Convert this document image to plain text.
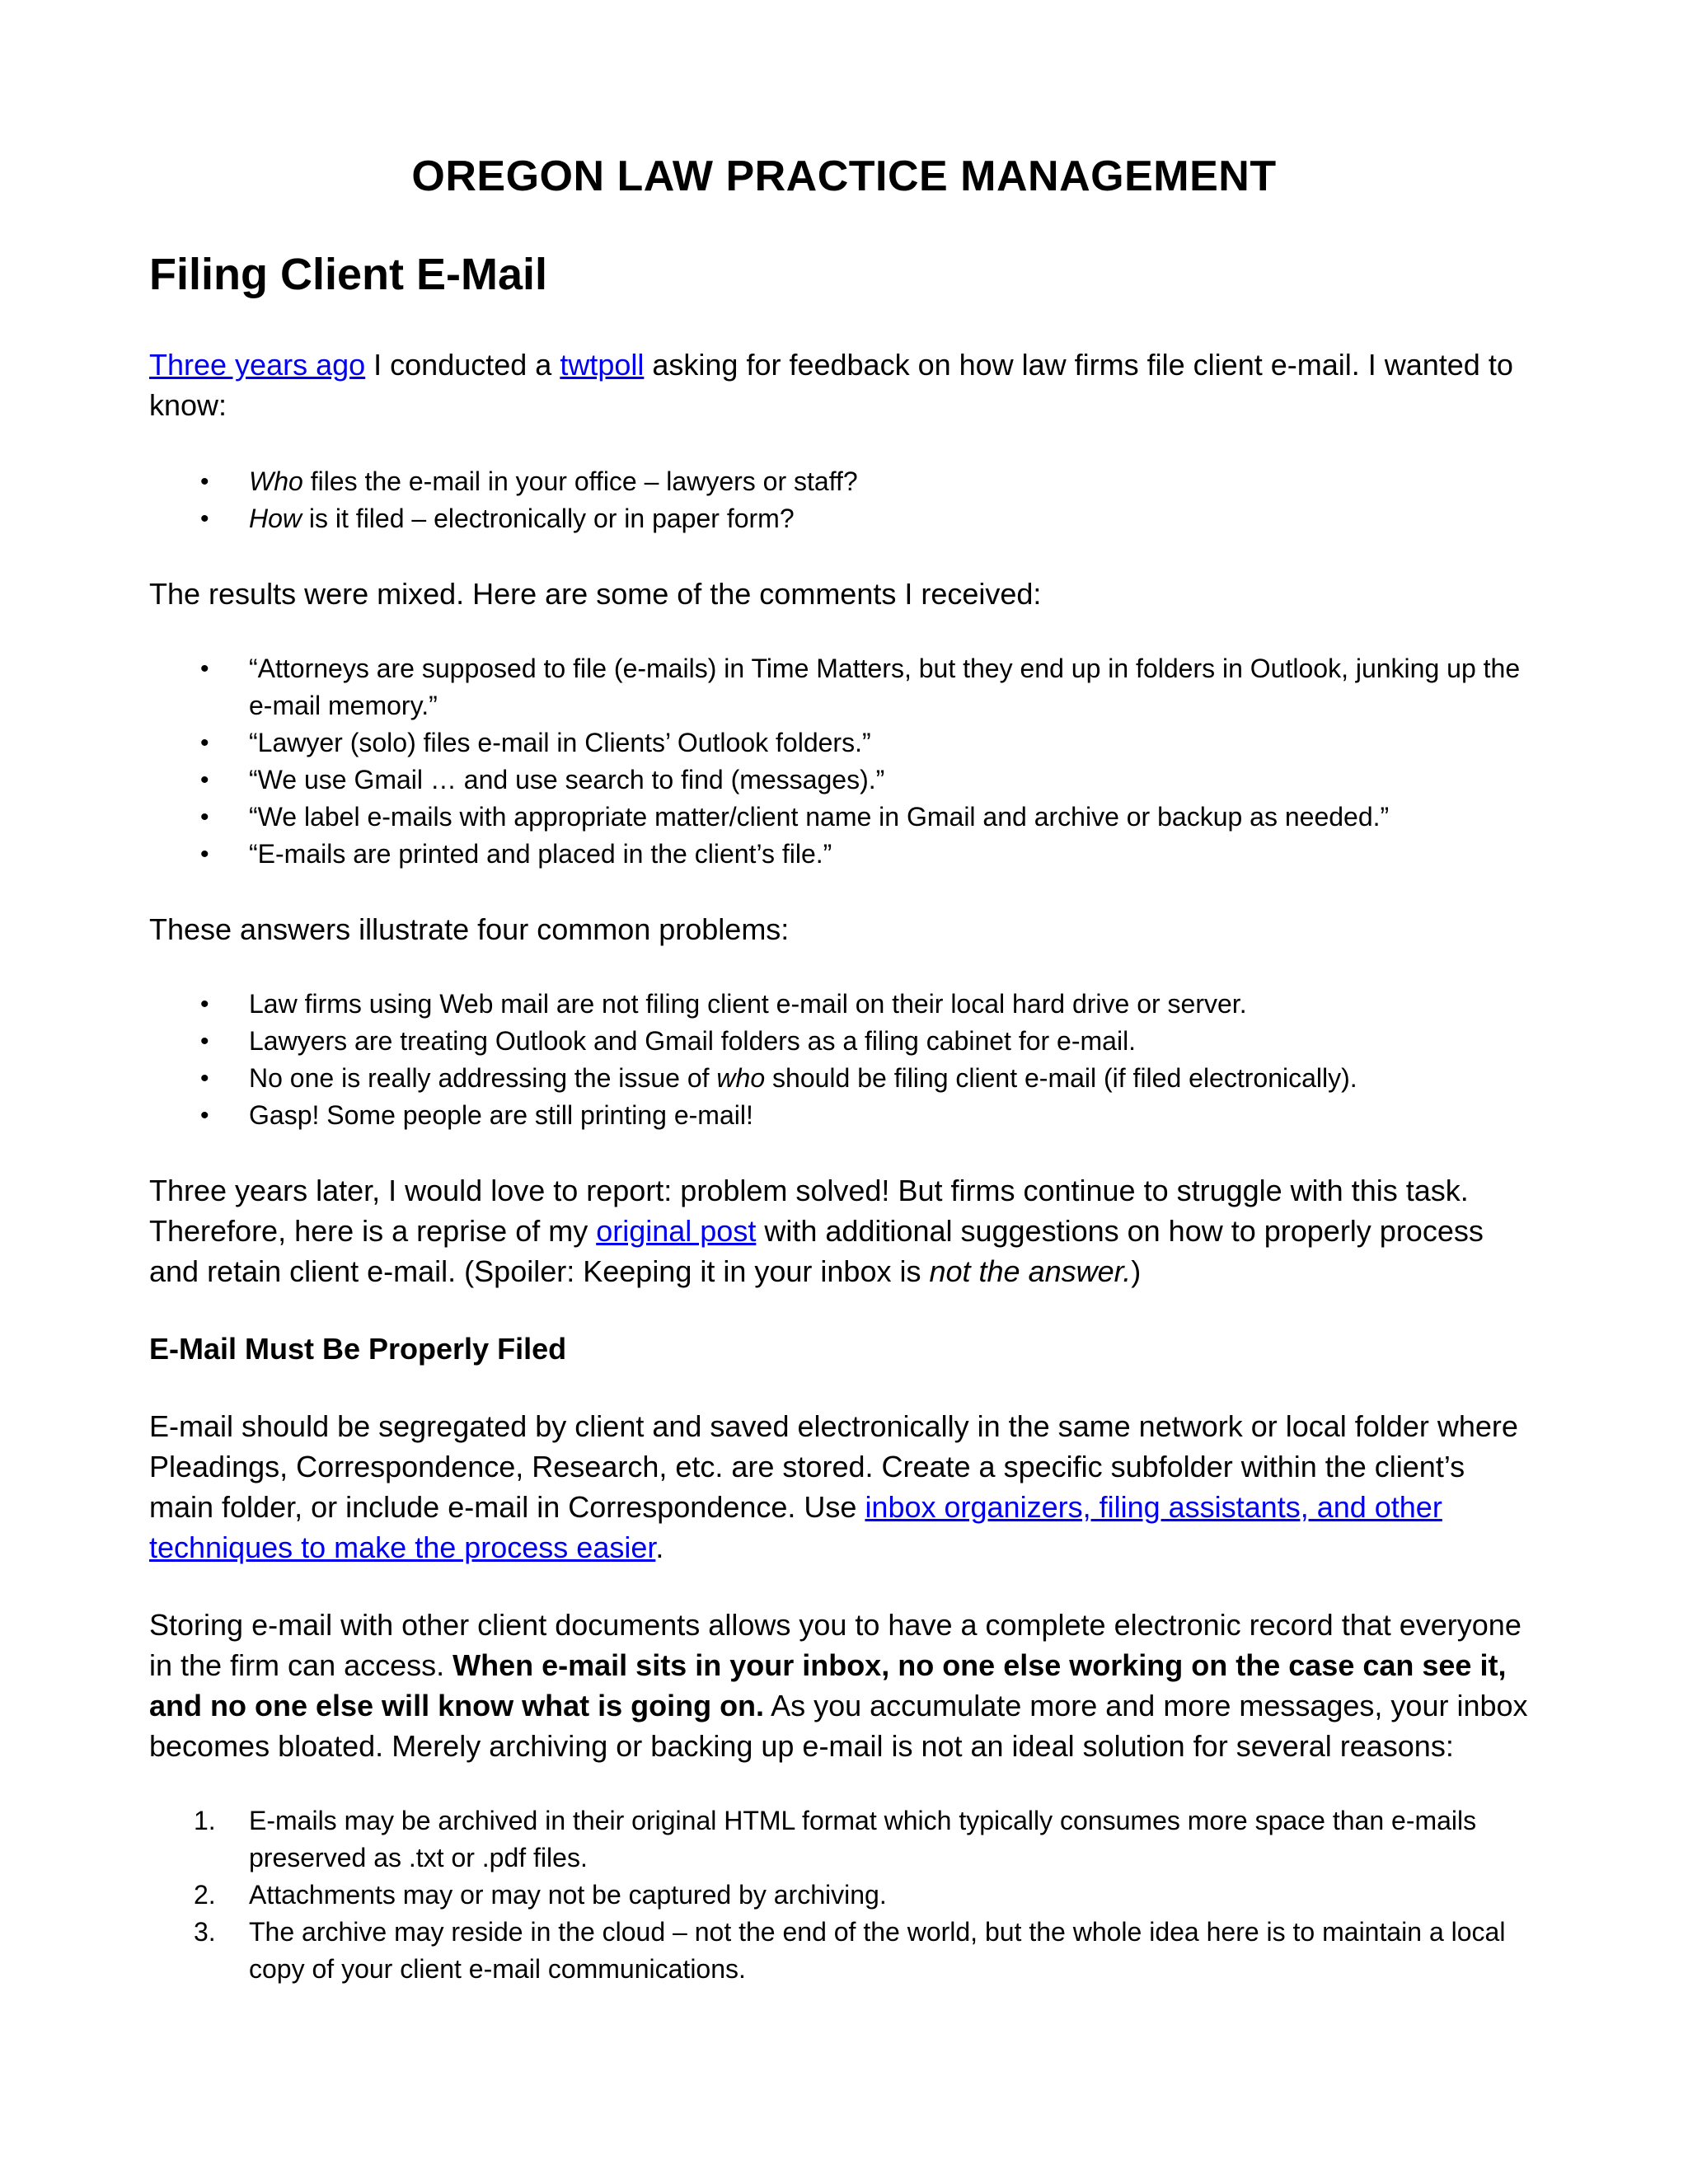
OREGON LAW PRACTICE MANAGEMENT
Filing Client E-Mail

Three years ago I conducted a twtpoll asking for feedback on how law firms file client e-mail. I wanted to know:

• Who files the e-mail in your office – lawyers or staff?
• How is it filed – electronically or in paper form?

The results were mixed. Here are some of the comments I received:

• “Attorneys are supposed to file (e-mails) in Time Matters, but they end up in folders in Outlook, junking up the e-mail memory.”
• “Lawyer (solo) files e-mail in Clients’ Outlook folders.”
• “We use Gmail … and use search to find (messages).”
• “We label e-mails with appropriate matter/client name in Gmail and archive or backup as needed.”
• “E-mails are printed and placed in the client’s file.”

These answers illustrate four common problems:

• Law firms using Web mail are not filing client e-mail on their local hard drive or server.
• Lawyers are treating Outlook and Gmail folders as a filing cabinet for e-mail.
• No one is really addressing the issue of who should be filing client e-mail (if filed electronically).
• Gasp! Some people are still printing e-mail!

Three years later, I would love to report: problem solved! But firms continue to struggle with this task. Therefore, here is a reprise of my original post with additional suggestions on how to properly process and retain client e-mail. (Spoiler: Keeping it in your inbox is not the answer.)

E-Mail Must Be Properly Filed

E-mail should be segregated by client and saved electronically in the same network or local folder where Pleadings, Correspondence, Research, etc. are stored. Create a specific subfolder within the client’s main folder, or include e-mail in Correspondence. Use inbox organizers, filing assistants, and other techniques to make the process easier.

Storing e-mail with other client documents allows you to have a complete electronic record that everyone in the firm can access. When e-mail sits in your inbox, no one else working on the case can see it, and no one else will know what is going on. As you accumulate more and more messages, your inbox becomes bloated. Merely archiving or backing up e-mail is not an ideal solution for several reasons:

1. E-mails may be archived in their original HTML format which typically consumes more space than e-mails preserved as .txt or .pdf files.
2. Attachments may or may not be captured by archiving.
3. The archive may reside in the cloud – not the end of the world, but the whole idea here is to maintain a local copy of your client e-mail communications.
